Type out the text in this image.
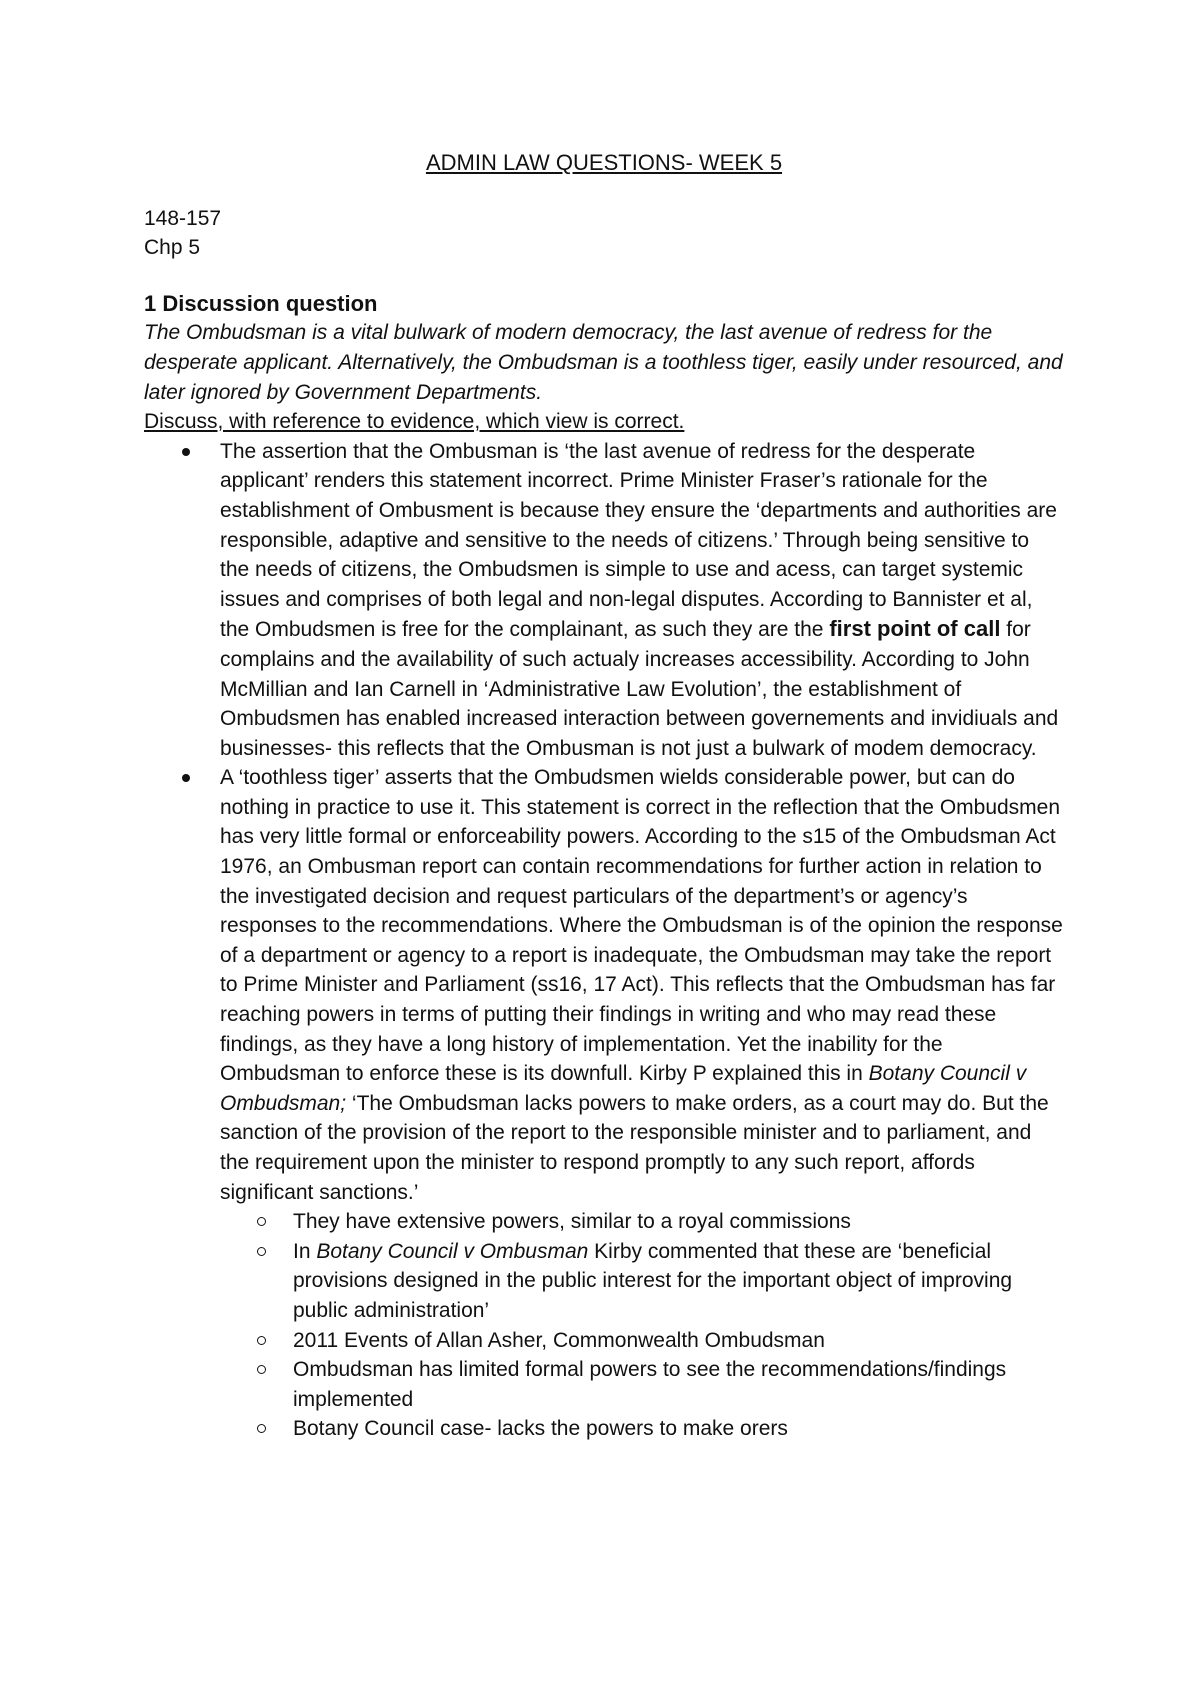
ADMIN LAW QUESTIONS- WEEK 5

148-157

Chp 5

1 Discussion question

The Ombudsman is a vital bulwark of modern democracy, the last avenue of redress for the desperate applicant. Alternatively, the Ombudsman is a toothless tiger, easily under resourced, and later ignored by Government Departments.

Discuss, with reference to evidence, which view is correct.

The assertion that the Ombusman is ‘the last avenue of redress for the desperate applicant’ renders this statement incorrect. Prime Minister Fraser’s rationale for the establishment of Ombusment is because they ensure the ‘departments and authorities are responsible, adaptive and sensitive to the needs of citizens.’ Through being sensitive to the needs of citizens, the Ombudsmen is simple to use and acess, can target systemic issues and comprises of both legal and non-legal disputes. According to Bannister et al, the Ombudsmen is free for the complainant, as such they are the first point of call for complains and the availability of such actualy increases accessibility. According to John McMillian and Ian Carnell in ‘Administrative Law Evolution’, the establishment of Ombudsmen has enabled increased interaction between governements and invidiuals and businesses- this reflects that the Ombusman is not just a bulwark of modem democracy.
A ‘toothless tiger’ asserts that the Ombudsmen wields considerable power, but can do nothing in practice to use it. This statement is correct in the reflection that the Ombudsmen has very little formal or enforceability powers. According to the s15 of the Ombudsman Act 1976, an Ombusman report can contain recommendations for further action in relation to the investigated decision and request particulars of the department’s or agency’s responses to the recommendations. Where the Ombudsman is of the opinion the response of a department or agency to a report is inadequate, the Ombudsman may take the report to Prime Minister and Parliament (ss16, 17 Act). This reflects that the Ombudsman has far reaching powers in terms of putting their findings in writing and who may read these findings, as they have a long history of implementation. Yet the inability for the Ombudsman to enforce these is its downfull. Kirby P explained this in Botany Council v Ombudsman; ‘The Ombudsman lacks powers to make orders, as a court may do. But the sanction of the provision of the report to the responsible minister and to parliament, and the requirement upon the minister to respond promptly to any such report, affords significant sanctions.’
They have extensive powers, similar to a royal commissions
In Botany Council v Ombusman Kirby commented that these are ‘beneficial provisions designed in the public interest for the important object of improving public administration’
2011 Events of Allan Asher, Commonwealth Ombudsman
Ombudsman has limited formal powers to see the recommendations/findings implemented
Botany Council case- lacks the powers to make orers
